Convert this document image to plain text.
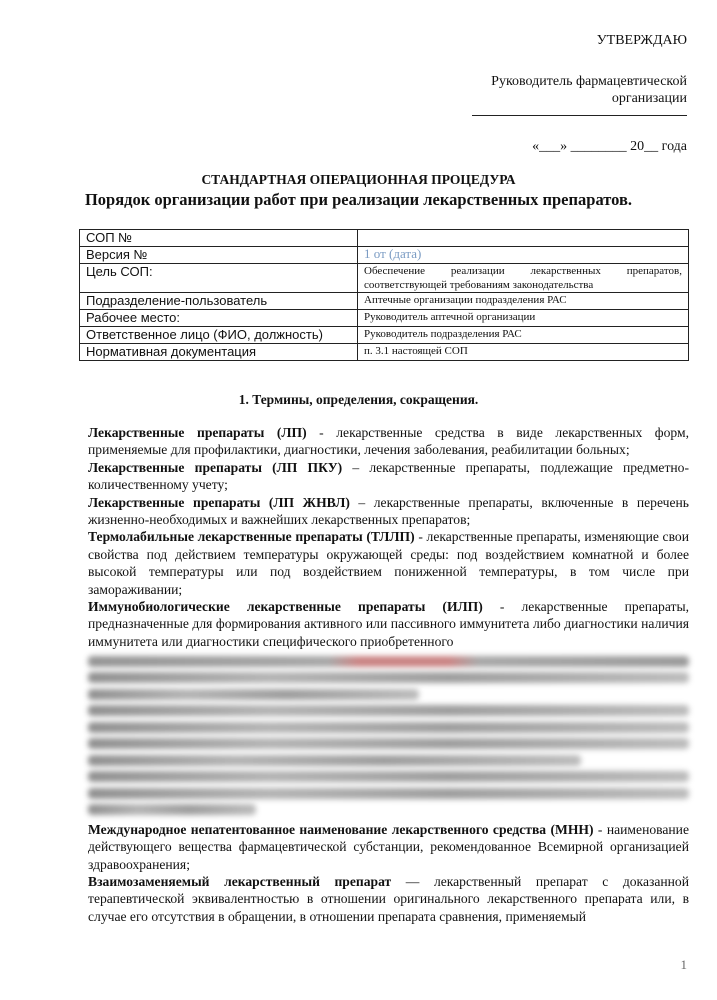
УТВЕРЖДАЮ
Руководитель фармацевтической
организации
«___» ________ 20__ года
СТАНДАРТНАЯ ОПЕРАЦИОННАЯ ПРОЦЕДУРА
Порядок организации работ при реализации лекарственных препаратов.
СОП №	
Версия №	1 от (дата)
Цель СОП:	Обеспечение реализации лекарственных препаратов, соответствующей требованиям законодательства
Подразделение-пользователь	Аптечные организации подразделения РАС
Рабочее место:	Руководитель аптечной организации
Ответственное лицо (ФИО, должность)	Руководитель подразделения РАС
Нормативная документация	п. 3.1 настоящей СОП
1. Термины, определения, сокращения.

Лекарственные препараты (ЛП) - лекарственные средства в виде лекарственных форм, применяемые для профилактики, диагностики, лечения заболевания, реабилитации больных;

Лекарственные препараты (ЛП ПКУ) – лекарственные препараты, подлежащие предметно-количественному учету;

Лекарственные препараты (ЛП ЖНВЛ) – лекарственные препараты, включенные в перечень жизненно-необходимых и важнейших лекарственных препаратов;

Термолабильные лекарственные препараты (ТЛЛП) - лекарственные препараты, изменяющие свои свойства под действием температуры окружающей среды: под воздействием комнатной и более высокой температуры или под воздействием пониженной температуры, в том числе при замораживании;

Иммунобиологические лекарственные препараты (ИЛП) - лекарственные препараты, предназначенные для формирования активного или пассивного иммунитета либо диагностики наличия иммунитета или диагностики специфического приобретенного

Международное непатентованное наименование лекарственного средства (МНН) - наименование действующего вещества фармацевтической субстанции, рекомендованное Всемирной организацией здравоохранения;

Взаимозаменяемый лекарственный препарат — лекарственный препарат с доказанной терапевтической эквивалентностью в отношении оригинального лекарственного препарата или, в случае его отсутствия в обращении, в отношении препарата сравнения, применяемый

1
